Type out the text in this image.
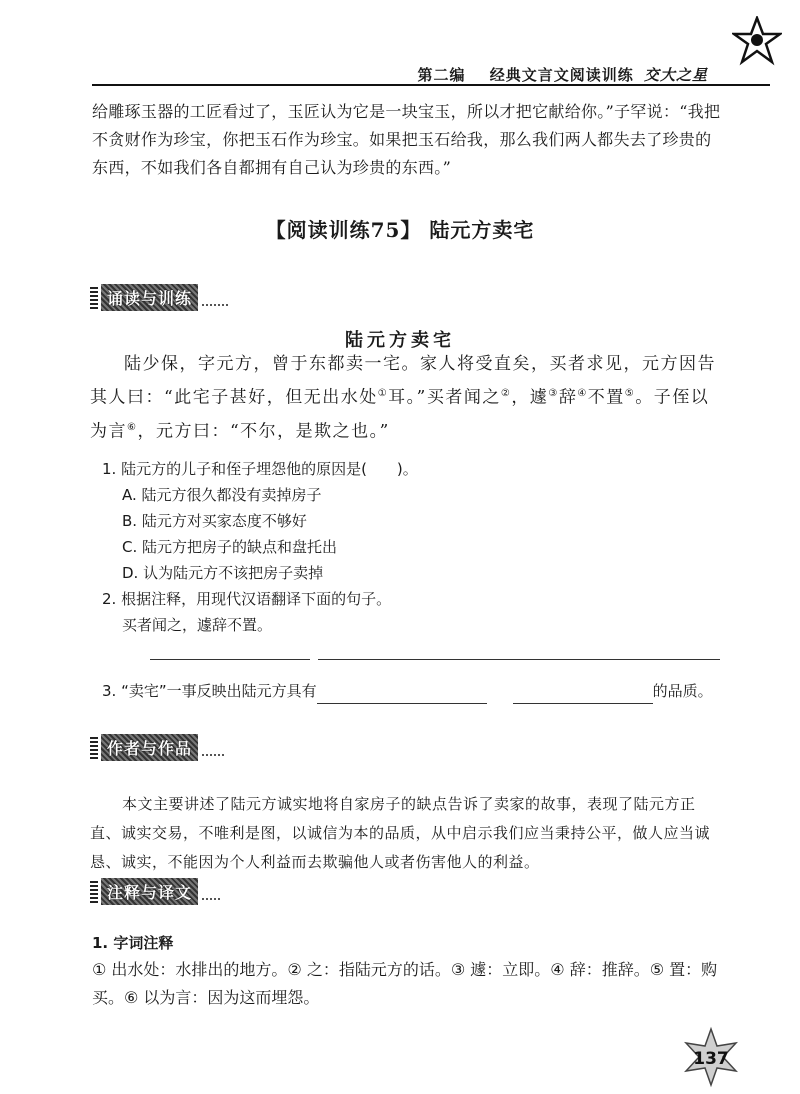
第二编 经典文言文阅读训练 交大之星
给雕琢玉器的工匠看过了，玉匠认为它是一块宝玉，所以才把它献给你。”子罕说：“我把不贪财作为珍宝，你把玉石作为珍宝。如果把玉石给我，那么我们两人都失去了珍贵的东西，不如我们各自都拥有自己认为珍贵的东西。”
【阅读训练75】 陆元方卖宅
诵读与训练
陆元方卖宅
陆少保，字元方，曾于东都卖一宅。家人将受直矣，买者求见，元方因告其人曰：“此宅子甚好，但无出水处①耳。”买者闻之②，遽③辞④不置⑤。子侄以为言⑥，元方曰：“不尔，是欺之也。”
1. 陆元方的儿子和侄子埋怨他的原因是(　　)。
A. 陆元方很久都没有卖掉房子
B. 陆元方对买家态度不够好
C. 陆元方把房子的缺点和盘托出
D. 认为陆元方不该把房子卖掉
2. 根据注释，用现代汉语翻译下面的句子。
买者闻之，遽辞不置。
3. “卖宅”一事反映出陆元方具有	的品质。
作者与作品
本文主要讲述了陆元方诚实地将自家房子的缺点告诉了卖家的故事，表现了陆元方正直、诚实交易，不唯利是图，以诚信为本的品质，从中启示我们应当秉持公平，做人应当诚恳、诚实，不能因为个人利益而去欺骗他人或者伤害他人的利益。
注释与译文
1. 字词注释
① 出水处：水排出的地方。② 之：指陆元方的话。③ 遽：立即。④ 辞：推辞。⑤ 置：购买。⑥ 以为言：因为这而埋怨。
137
